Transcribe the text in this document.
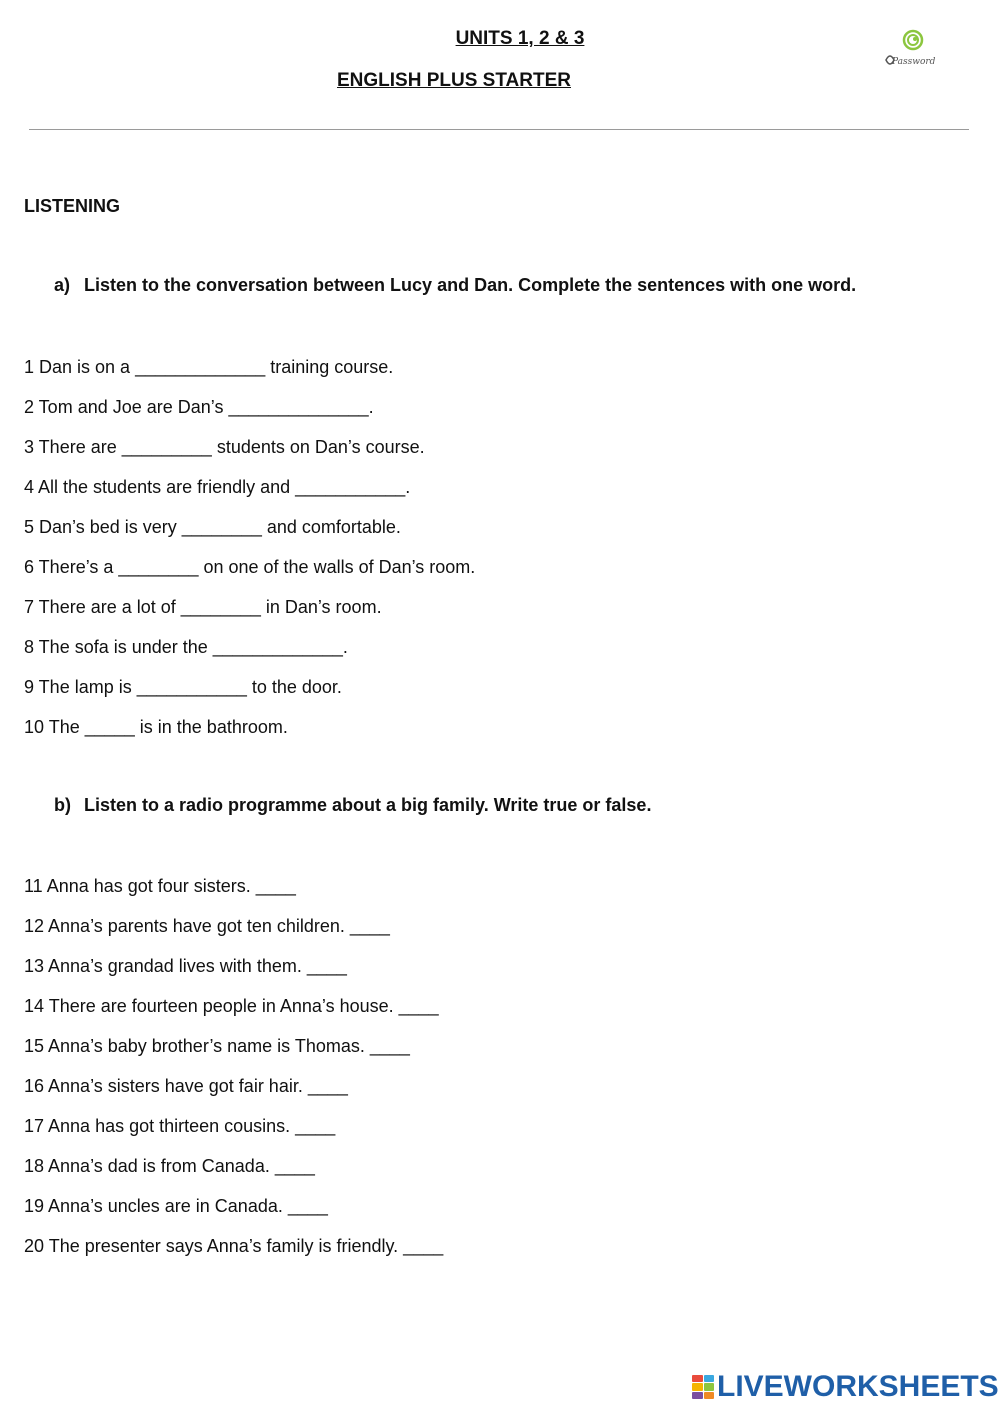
UNITS 1, 2 & 3
ENGLISH PLUS STARTER
Password
LISTENING
a) Listen to the conversation between Lucy and Dan. Complete the sentences with one word.
1 Dan is on a _____________ training course.
2 Tom and Joe are Dan’s ______________.
3 There are _________ students on Dan’s course.
4 All the students are friendly and ___________.
5 Dan’s bed is very ________ and comfortable.
6 There’s a ________ on one of the walls of Dan’s room.
7 There are a lot of ________ in Dan’s room.
8 The sofa is under the _____________.
9 The lamp is ___________ to the door.
10 The _____ is in the bathroom.
b) Listen to a radio programme about a big family. Write true or false.
11 Anna has got four sisters. ____
12 Anna’s parents have got ten children. ____
13 Anna’s grandad lives with them. ____
14 There are fourteen people in Anna’s house. ____
15 Anna’s baby brother’s name is Thomas. ____
16 Anna’s sisters have got fair hair. ____
17 Anna has got thirteen cousins. ____
18 Anna’s dad is from Canada. ____
19 Anna’s uncles are in Canada. ____
20 The presenter says Anna’s family is friendly. ____
LIVEWORKSHEETS
